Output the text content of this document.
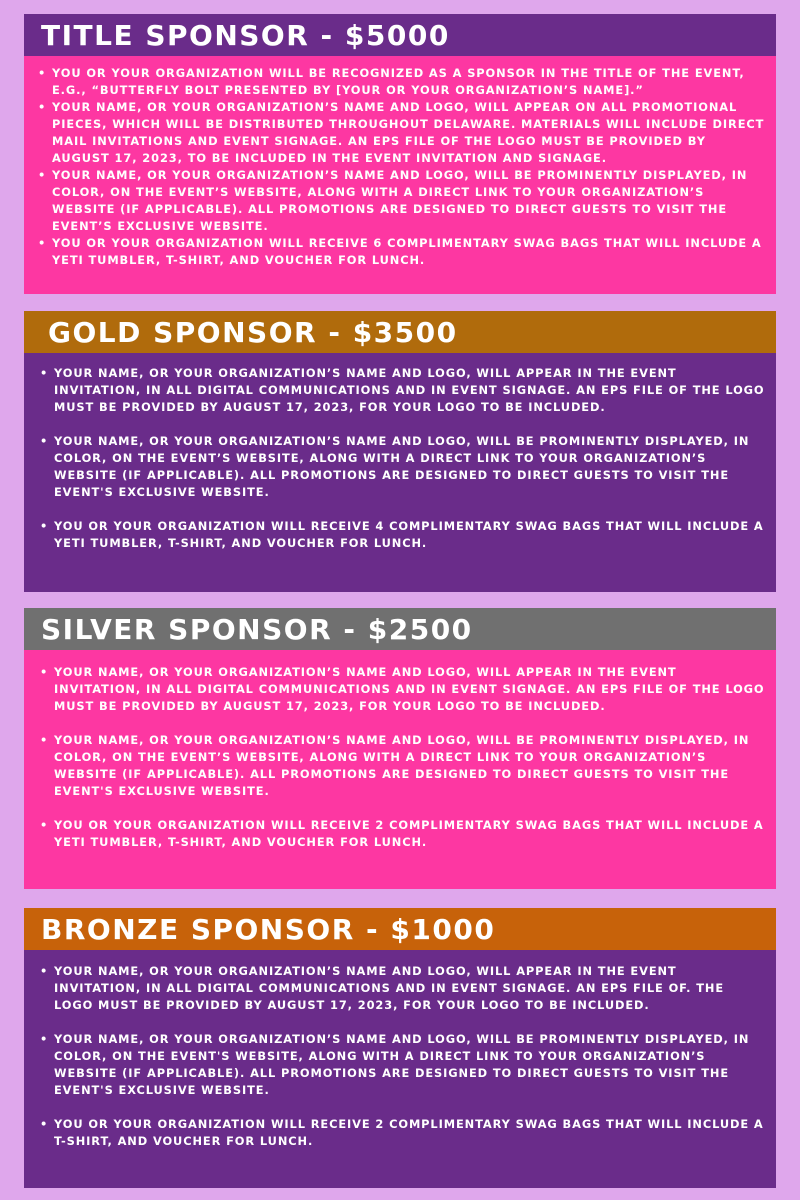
TITLE SPONSOR - $5000
• YOU OR YOUR ORGANIZATION WILL BE RECOGNIZED AS A SPONSOR IN THE TITLE OF THE EVENT, E.G., “BUTTERFLY BOLT PRESENTED BY [YOUR OR YOUR ORGANIZATION’S NAME].”
• YOUR NAME, OR YOUR ORGANIZATION’S NAME AND LOGO, WILL APPEAR ON ALL PROMOTIONAL PIECES, WHICH WILL BE DISTRIBUTED THROUGHOUT DELAWARE. MATERIALS WILL INCLUDE DIRECT MAIL INVITATIONS AND EVENT SIGNAGE. AN EPS FILE OF THE LOGO MUST BE PROVIDED BY AUGUST 17, 2023, TO BE INCLUDED IN THE EVENT INVITATION AND SIGNAGE.
• YOUR NAME, OR YOUR ORGANIZATION’S NAME AND LOGO, WILL BE PROMINENTLY DISPLAYED, IN COLOR, ON THE EVENT’S WEBSITE, ALONG WITH A DIRECT LINK TO YOUR ORGANIZATION’S WEBSITE (IF APPLICABLE). ALL PROMOTIONS ARE DESIGNED TO DIRECT GUESTS TO VISIT THE EVENT’S EXCLUSIVE WEBSITE.
• YOU OR YOUR ORGANIZATION WILL RECEIVE 6 COMPLIMENTARY SWAG BAGS THAT WILL INCLUDE A YETI TUMBLER, T-SHIRT, AND VOUCHER FOR LUNCH.
GOLD SPONSOR - $3500
• YOUR NAME, OR YOUR ORGANIZATION’S NAME AND LOGO, WILL APPEAR IN THE EVENT INVITATION, IN ALL DIGITAL COMMUNICATIONS AND IN EVENT SIGNAGE. AN EPS FILE OF THE LOGO MUST BE PROVIDED BY AUGUST 17, 2023, FOR YOUR LOGO TO BE INCLUDED.
• YOUR NAME, OR YOUR ORGANIZATION’S NAME AND LOGO, WILL BE PROMINENTLY DISPLAYED, IN COLOR, ON THE EVENT’S WEBSITE, ALONG WITH A DIRECT LINK TO YOUR ORGANIZATION’S WEBSITE (IF APPLICABLE). ALL PROMOTIONS ARE DESIGNED TO DIRECT GUESTS TO VISIT THE EVENT'S EXCLUSIVE WEBSITE.
• YOU OR YOUR ORGANIZATION WILL RECEIVE 4 COMPLIMENTARY SWAG BAGS THAT WILL INCLUDE A YETI TUMBLER, T-SHIRT, AND VOUCHER FOR LUNCH.
SILVER SPONSOR - $2500
• YOUR NAME, OR YOUR ORGANIZATION’S NAME AND LOGO, WILL APPEAR IN THE EVENT INVITATION, IN ALL DIGITAL COMMUNICATIONS AND IN EVENT SIGNAGE. AN EPS FILE OF THE LOGO MUST BE PROVIDED BY AUGUST 17, 2023, FOR YOUR LOGO TO BE INCLUDED.
• YOUR NAME, OR YOUR ORGANIZATION’S NAME AND LOGO, WILL BE PROMINENTLY DISPLAYED, IN COLOR, ON THE EVENT’S WEBSITE, ALONG WITH A DIRECT LINK TO YOUR ORGANIZATION’S WEBSITE (IF APPLICABLE). ALL PROMOTIONS ARE DESIGNED TO DIRECT GUESTS TO VISIT THE EVENT'S EXCLUSIVE WEBSITE.
• YOU OR YOUR ORGANIZATION WILL RECEIVE 2 COMPLIMENTARY SWAG BAGS THAT WILL INCLUDE A YETI TUMBLER, T-SHIRT, AND VOUCHER FOR LUNCH.
BRONZE SPONSOR - $1000
• YOUR NAME, OR YOUR ORGANIZATION’S NAME AND LOGO, WILL APPEAR IN THE EVENT INVITATION, IN ALL DIGITAL COMMUNICATIONS AND IN EVENT SIGNAGE. AN EPS FILE OF. THE LOGO MUST BE PROVIDED BY AUGUST 17, 2023, FOR YOUR LOGO TO BE INCLUDED.
• YOUR NAME, OR YOUR ORGANIZATION’S NAME AND LOGO, WILL BE PROMINENTLY DISPLAYED, IN COLOR, ON THE EVENT'S WEBSITE, ALONG WITH A DIRECT LINK TO YOUR ORGANIZATION’S WEBSITE (IF APPLICABLE). ALL PROMOTIONS ARE DESIGNED TO DIRECT GUESTS TO VISIT THE EVENT'S EXCLUSIVE WEBSITE.
• YOU OR YOUR ORGANIZATION WILL RECEIVE 2 COMPLIMENTARY SWAG BAGS THAT WILL INCLUDE A T-SHIRT, AND VOUCHER FOR LUNCH.
